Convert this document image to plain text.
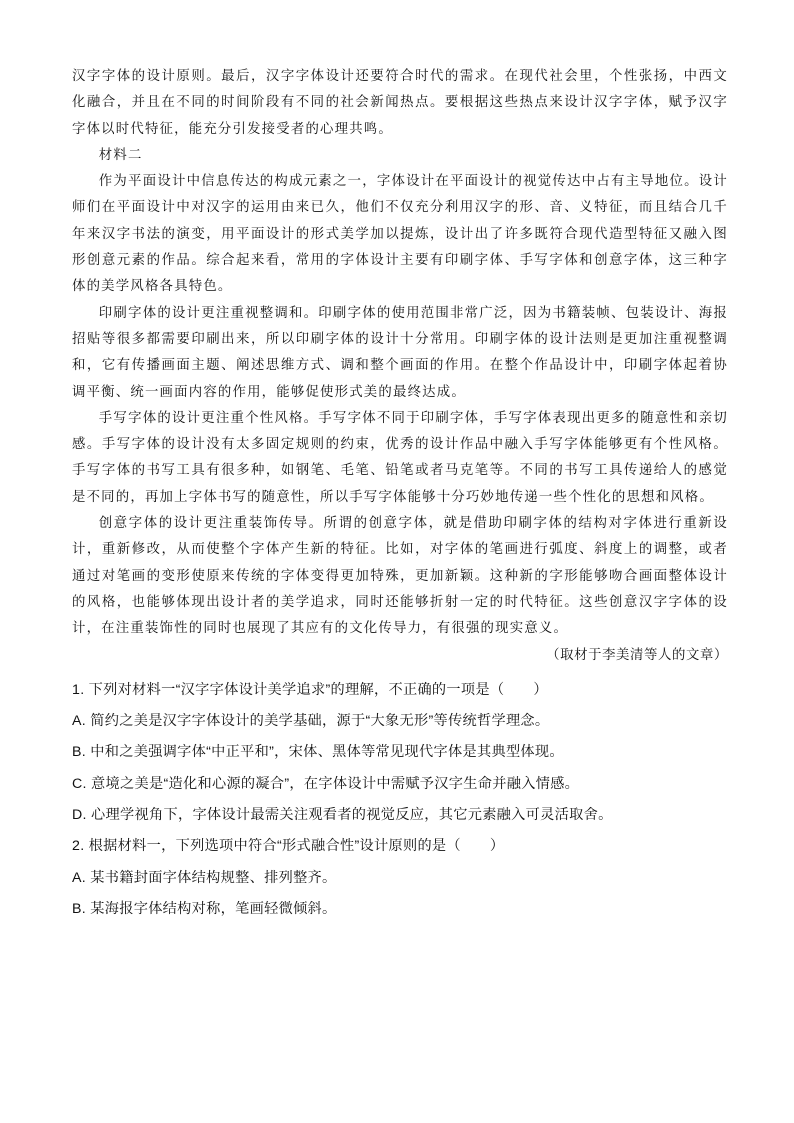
汉字字体的设计原则。最后，汉字字体设计还要符合时代的需求。在现代社会里，个性张扬，中西文化融合，并且在不同的时间阶段有不同的社会新闻热点。要根据这些热点来设计汉字字体，赋予汉字字体以时代特征，能充分引发接受者的心理共鸣。

材料二

作为平面设计中信息传达的构成元素之一，字体设计在平面设计的视觉传达中占有主导地位。设计师们在平面设计中对汉字的运用由来已久，他们不仅充分利用汉字的形、音、义特征，而且结合几千年来汉字书法的演变，用平面设计的形式美学加以提炼，设计出了许多既符合现代造型特征又融入图形创意元素的作品。综合起来看，常用的字体设计主要有印刷字体、手写字体和创意字体，这三种字体的美学风格各具特色。

印刷字体的设计更注重视整调和。印刷字体的使用范围非常广泛，因为书籍装帧、包装设计、海报招贴等很多都需要印刷出来，所以印刷字体的设计十分常用。印刷字体的设计法则是更加注重视整调和，它有传播画面主题、阐述思维方式、调和整个画面的作用。在整个作品设计中，印刷字体起着协调平衡、统一画面内容的作用，能够促使形式美的最终达成。

手写字体的设计更注重个性风格。手写字体不同于印刷字体，手写字体表现出更多的随意性和亲切感。手写字体的设计没有太多固定规则的约束，优秀的设计作品中融入手写字体能够更有个性风格。手写字体的书写工具有很多种，如钢笔、毛笔、铅笔或者马克笔等。不同的书写工具传递给人的感觉是不同的，再加上字体书写的随意性，所以手写字体能够十分巧妙地传递一些个性化的思想和风格。

创意字体的设计更注重装饰传导。所谓的创意字体，就是借助印刷字体的结构对字体进行重新设计，重新修改，从而使整个字体产生新的特征。比如，对字体的笔画进行弧度、斜度上的调整，或者通过对笔画的变形使原来传统的字体变得更加特殊，更加新颖。这种新的字形能够吻合画面整体设计的风格，也能够体现出设计者的美学追求，同时还能够折射一定的时代特征。这些创意汉字字体的设计，在注重装饰性的同时也展现了其应有的文化传导力，有很强的现实意义。

（取材于李美清等人的文章）

1. 下列对材料一“汉字字体设计美学追求”的理解，不正确的一项是（　　）

A. 简约之美是汉字字体设计的美学基础，源于“大象无形”等传统哲学理念。

B. 中和之美强调字体“中正平和”，宋体、黑体等常见现代字体是其典型体现。

C. 意境之美是“造化和心源的凝合”，在字体设计中需赋予汉字生命并融入情感。

D. 心理学视角下，字体设计最需关注观看者的视觉反应，其它元素融入可灵活取舍。

2. 根据材料一，下列选项中符合“形式融合性”设计原则的是（　　）

A. 某书籍封面字体结构规整、排列整齐。

B. 某海报字体结构对称，笔画轻微倾斜。
